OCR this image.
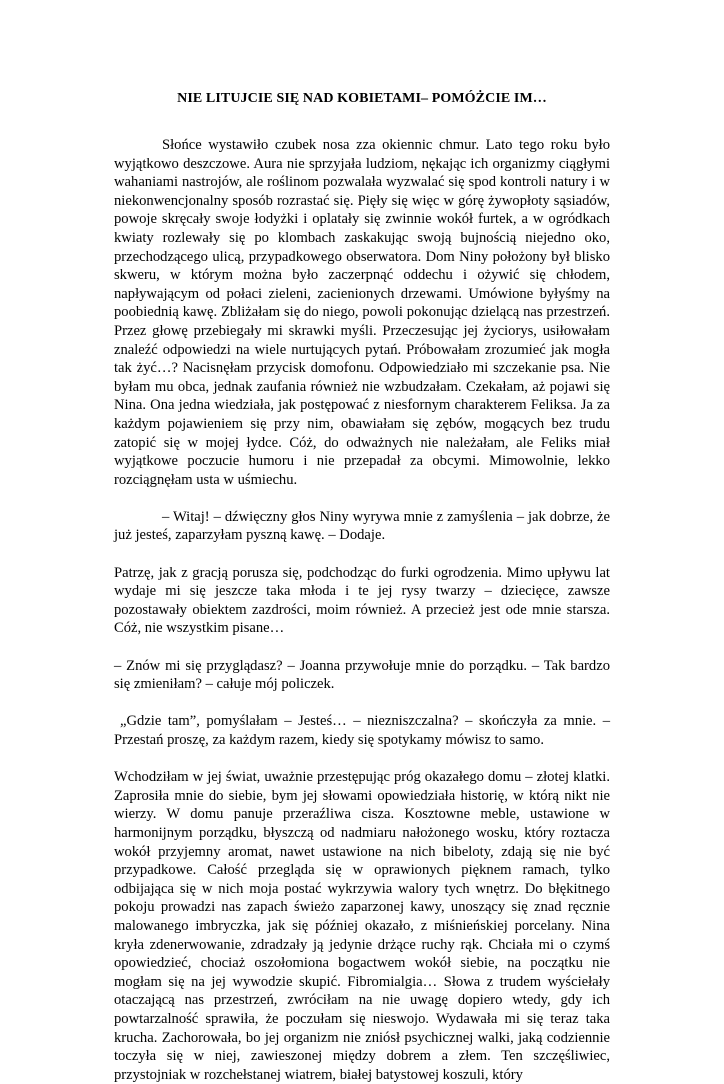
NIE LITUJCIE SIĘ NAD KOBIETAMI– POMÓŻCIE IM…

Słońce wystawiło czubek nosa zza okiennic chmur. Lato tego roku było wyjątkowo deszczowe. Aura nie sprzyjała ludziom, nękając ich organizmy ciągłymi wahaniami nastrojów, ale roślinom pozwalała wyzwalać się spod kontroli natury i w niekonwencjonalny sposób rozrastać się. Pięły się więc w górę żywopłoty sąsiadów, powoje skręcały swoje łodyżki i oplatały się zwinnie wokół furtek, a w ogródkach kwiaty rozlewały się po klombach zaskakując swoją bujnością niejedno oko, przechodzącego ulicą, przypadkowego obserwatora. Dom Niny położony był blisko skweru, w którym można było zaczerpnąć oddechu i ożywić się chłodem, napływającym od połaci zieleni, zacienionych drzewami. Umówione byłyśmy na poobiednią kawę. Zbliżałam się do niego, powoli pokonując dzielącą nas przestrzeń. Przez głowę przebiegały mi skrawki myśli. Przeczesując jej życiorys, usiłowałam znaleźć odpowiedzi na wiele nurtujących pytań. Próbowałam zrozumieć jak mogła tak żyć…? Nacisnęłam przycisk domofonu. Odpowiedziało mi szczekanie psa. Nie byłam mu obca, jednak zaufania również nie wzbudzałam. Czekałam, aż pojawi się Nina. Ona jedna wiedziała, jak postępować z niesfornym charakterem Feliksa. Ja za każdym pojawieniem się przy nim, obawiałam się zębów, mogących bez trudu zatopić się w mojej łydce. Cóż, do odważnych nie należałam, ale Feliks miał wyjątkowe poczucie humoru i nie przepadał za obcymi. Mimowolnie, lekko rozciągnęłam usta w uśmiechu.

– Witaj! – dźwięczny głos Niny wyrywa mnie z zamyślenia – jak dobrze, że już jesteś, zaparzyłam pyszną kawę. – Dodaje.

Patrzę, jak z gracją porusza się, podchodząc do furki ogrodzenia. Mimo upływu lat wydaje mi się jeszcze taka młoda i te jej rysy twarzy – dziecięce, zawsze pozostawały obiektem zazdrości, moim również. A przecież jest ode mnie starsza. Cóż, nie wszystkim pisane…

– Znów mi się przyglądasz? – Joanna przywołuje mnie do porządku. – Tak bardzo się zmieniłam? – całuje mój policzek.

„Gdzie tam”, pomyślałam – Jesteś… – niezniszczalna? – skończyła za mnie. – Przestań proszę, za każdym razem, kiedy się spotykamy mówisz to samo.

Wchodziłam w jej świat, uważnie przestępując próg okazałego domu – złotej klatki. Zaprosiła mnie do siebie, bym jej słowami opowiedziała historię, w którą nikt nie wierzy. W domu panuje przeraźliwa cisza. Kosztowne meble, ustawione w harmonijnym porządku, błyszczą od nadmiaru nałożonego wosku, który roztacza wokół przyjemny aromat, nawet ustawione na nich bibeloty, zdają się nie być przypadkowe. Całość przegląda się w oprawionych pięknem ramach, tylko odbijająca się w nich moja postać wykrzywia walory tych wnętrz. Do błękitnego pokoju prowadzi nas zapach świeżo zaparzonej kawy, unoszący się znad ręcznie malowanego imbryczka, jak się później okazało, z miśnieńskiej porcelany. Nina kryła zdenerwowanie, zdradzały ją jedynie drżące ruchy rąk. Chciała mi o czymś opowiedzieć, chociaż oszołomiona bogactwem wokół siebie, na początku nie mogłam się na jej wywodzie skupić. Fibromialgia… Słowa z trudem wyściełały otaczającą nas przestrzeń, zwróciłam na nie uwagę dopiero wtedy, gdy ich powtarzalność sprawiła, że poczułam się nieswojo. Wydawała mi się teraz taka krucha. Zachorowała, bo jej organizm nie zniósł psychicznej walki, jaką codziennie toczyła się w niej, zawieszonej między dobrem a złem. Ten szczęśliwiec, przystojniak w rozchełstanej wiatrem, białej batystowej koszuli, który
